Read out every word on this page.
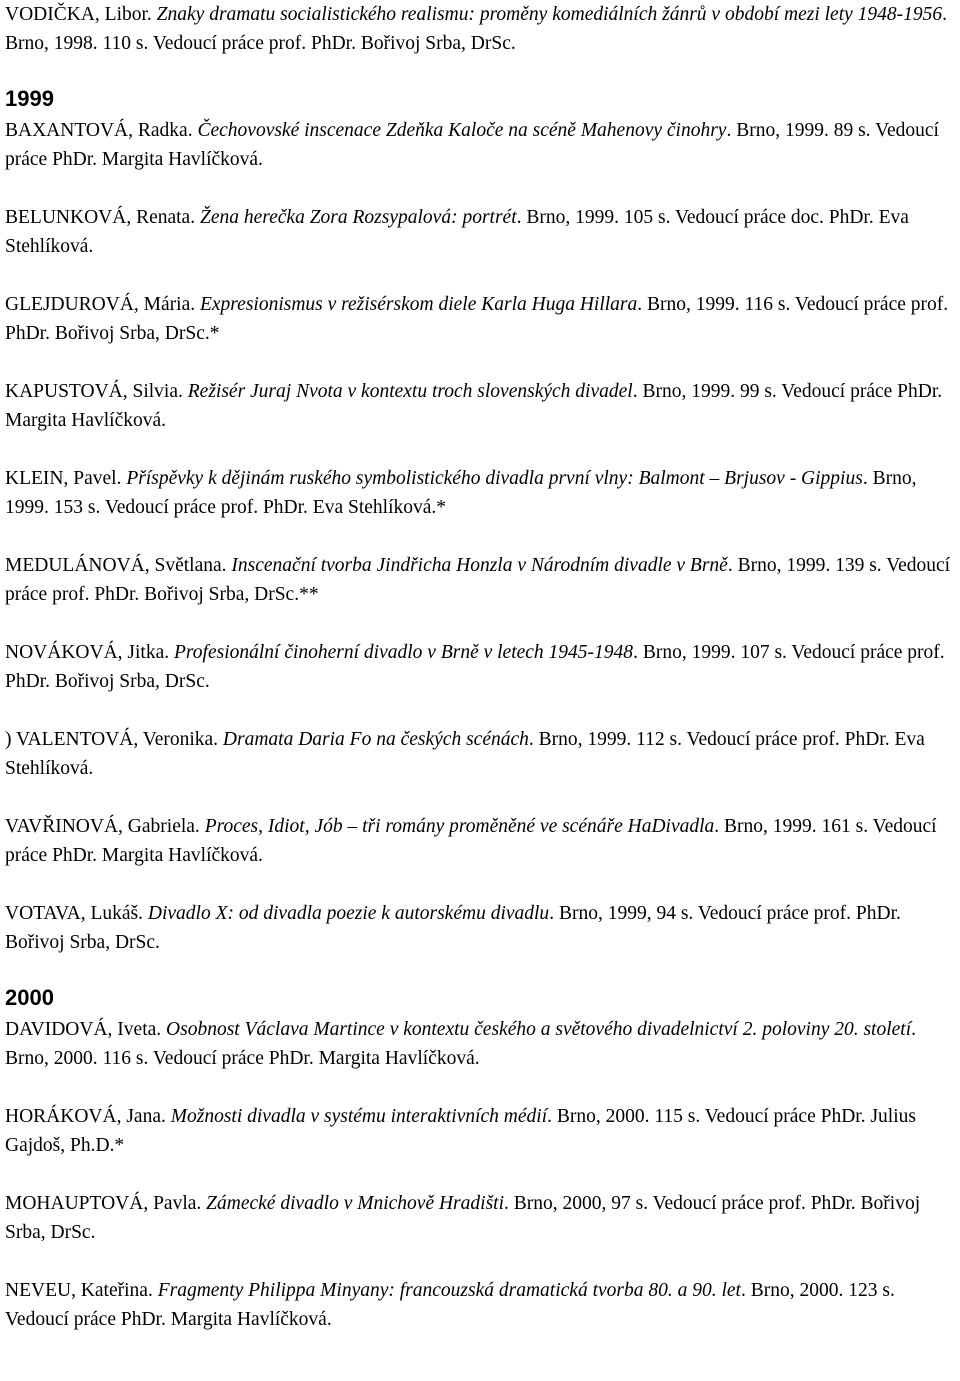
VODIČKA, Libor. Znaky dramatu socialistického realismu: proměny komediálních žánrů v období mezi lety 1948-1956. Brno, 1998. 110 s. Vedoucí práce prof. PhDr. Bořivoj Srba, DrSc.

1999

BAXANTOVÁ, Radka. Čechovovské inscenace Zdeňka Kaloče na scéně Mahenovy činohry. Brno, 1999. 89 s. Vedoucí práce PhDr. Margita Havlíčková.

BELUNKOVÁ, Renata. Žena herečka Zora Rozsypalová: portrét. Brno, 1999. 105 s. Vedoucí práce doc. PhDr. Eva Stehlíková.

GLEJDUROVÁ, Mária. Expresionismus v režisérskom diele Karla Huga Hillara. Brno, 1999. 116 s. Vedoucí práce prof. PhDr. Bořivoj Srba, DrSc.*

KAPUSTOVÁ, Silvia. Režisér Juraj Nvota v kontextu troch slovenských divadel. Brno, 1999. 99 s. Vedoucí práce PhDr. Margita Havlíčková.

KLEIN, Pavel. Příspěvky k dějinám ruského symbolistického divadla první vlny: Balmont – Brjusov - Gippius. Brno, 1999. 153 s. Vedoucí práce prof. PhDr. Eva Stehlíková.*

MEDULÁNOVÁ, Světlana. Inscenační tvorba Jindřicha Honzla v Národním divadle v Brně. Brno, 1999. 139 s. Vedoucí práce prof. PhDr. Bořivoj Srba, DrSc.**

NOVÁKOVÁ, Jitka. Profesionální činoherní divadlo v Brně v letech 1945-1948. Brno, 1999. 107 s. Vedoucí práce prof. PhDr. Bořivoj Srba, DrSc.

) VALENTOVÁ, Veronika. Dramata Daria Fo na českých scénách. Brno, 1999. 112 s. Vedoucí práce prof. PhDr. Eva Stehlíková.

VAVŘINOVÁ, Gabriela. Proces, Idiot, Jób – tři romány proměněné ve scénáře HaDivadla. Brno, 1999. 161 s. Vedoucí práce PhDr. Margita Havlíčková.

VOTAVA, Lukáš. Divadlo X: od divadla poezie k autorskému divadlu. Brno, 1999, 94 s. Vedoucí práce prof. PhDr. Bořivoj Srba, DrSc.

2000

DAVIDOVÁ, Iveta. Osobnost Václava Martince v kontextu českého a světového divadelnictví 2. poloviny 20. století. Brno, 2000. 116 s. Vedoucí práce PhDr. Margita Havlíčková.

HORÁKOVÁ, Jana. Možnosti divadla v systému interaktivních médií. Brno, 2000. 115 s. Vedoucí práce PhDr. Julius Gajdoš, Ph.D.*

MOHAUPTOVÁ, Pavla. Zámecké divadlo v Mnichově Hradišti. Brno, 2000, 97 s. Vedoucí práce prof. PhDr. Bořivoj Srba, DrSc.

NEVEU, Kateřina. Fragmenty Philippa Minyany: francouzská dramatická tvorba 80. a 90. let. Brno, 2000. 123 s. Vedoucí práce PhDr. Margita Havlíčková.
